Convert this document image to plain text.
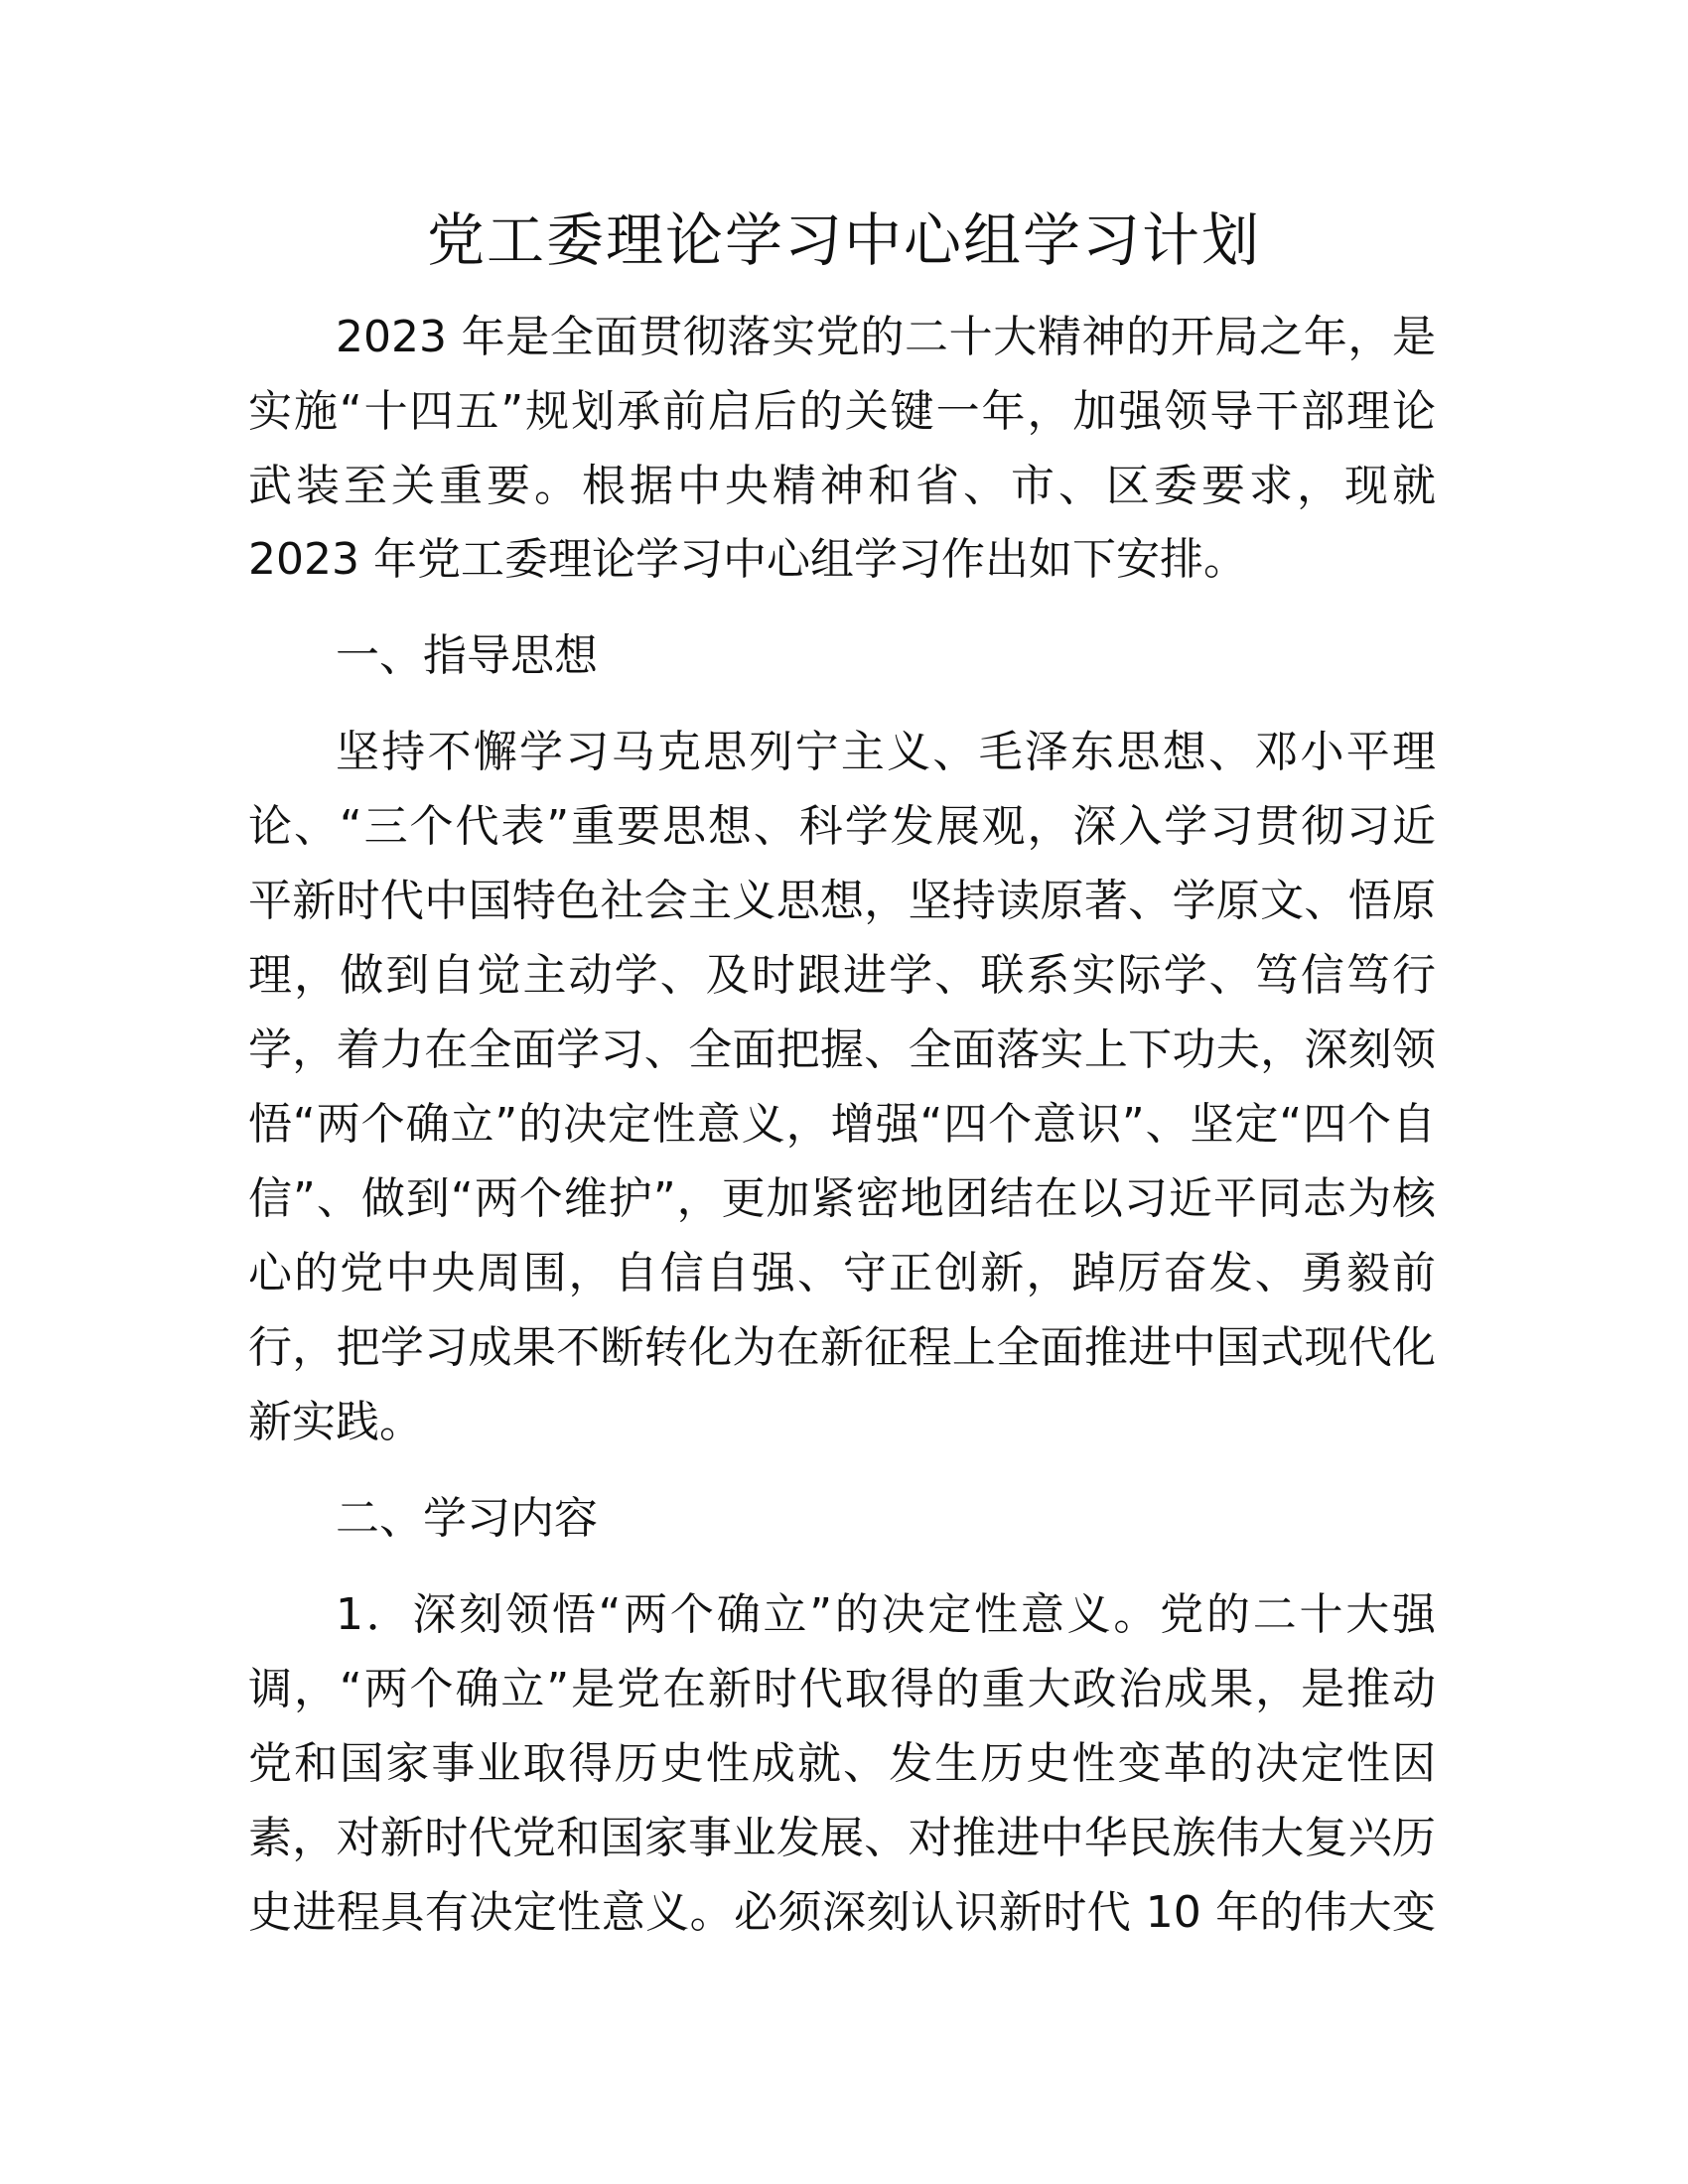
党工委理论学习中心组学习计划

2023 年是全面贯彻落实党的二十大精神的开局之年，是

实施“十四五”规划承前启后的关键一年，加强领导干部理论

武装至关重要。根据中央精神和省、市、区委要求，现就

2023 年党工委理论学习中心组学习作出如下安排。

一、指导思想

坚持不懈学习马克思列宁主义、毛泽东思想、邓小平理

论、“三个代表”重要思想、科学发展观，深入学习贯彻习近

平新时代中国特色社会主义思想，坚持读原著、学原文、悟原

理，做到自觉主动学、及时跟进学、联系实际学、笃信笃行

学，着力在全面学习、全面把握、全面落实上下功夫，深刻领

悟“两个确立”的决定性意义，增强“四个意识”、坚定“四个自

信”、做到“两个维护”，更加紧密地团结在以习近平同志为核

心的党中央周围，自信自强、守正创新，踔厉奋发、勇毅前

行，把学习成果不断转化为在新征程上全面推进中国式现代化

新实践。

二、学习内容

1．深刻领悟“两个确立”的决定性意义。党的二十大强

调，“两个确立”是党在新时代取得的重大政治成果，是推动

党和国家事业取得历史性成就、发生历史性变革的决定性因

素，对新时代党和国家事业发展、对推进中华民族伟大复兴历

史进程具有决定性意义。必须深刻认识新时代 10 年的伟大变
